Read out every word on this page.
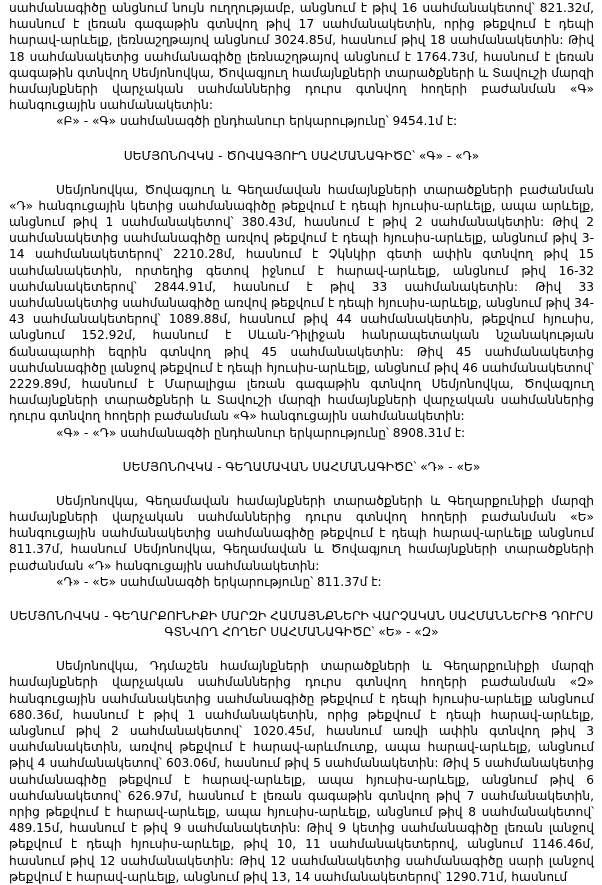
սահմանագիծը անցնում նույն ուղղությամբ, անցնում է թիվ 16 սահմանակետով՝ 821.32մ, հասնում է լեռան գագաթին գտնվող թիվ 17 սահմանակետին, որից թեքվում է դեպի հարավ-արևելք, լեռնաշղթայով անցնում 3024.85մ, հասնում թիվ 18 սահմանակետին: Թիվ 18 սահմանակետից սահմանագիծը լեռնաշղթայով անցնում է 1764.73մ, հասնում է լեռան գագաթին գտնվող Սեմյոնովկա, Ծովագյուղ համայնքների տարածքների և Տավուշի մարզի համայնքների վարչական սահմաններից դուրս գտնվող հողերի բաժանման «Գ» հանգուցային սահմանակետին:

«Բ» - «Գ» սահմանագծի ընդհանուր երկարությունը՝ 9454.1մ է:

ՍԵՄՅՈՆՈՎԿԱ - ԾՈՎԱԳՅՈՒՂ ՍԱՀՄԱՆԱԳԻԾԸ՝ «Գ» - «Դ»

Սեմյոնովկա, Ծովագյուղ և Գեղամավան համայնքների տարածքների բաժանման «Դ» հանգուցային կետից սահմանագիծը թեքվում է դեպի հյուսիս-արևելք, ապա արևելք, անցնում թիվ 1 սահմանակետով՝ 380.43մ, հասնում է թիվ 2 սահմանակետին: Թիվ 2 սահմանակետից սահմանագիծը առվով թեքվում է դեպի հյուսիս-արևելք, անցնում թիվ 3-14 սահմանակետերով՝ 2210.28մ, հասնում է Չկնկիր գետի ափին գտնվող թիվ 15 սահմանակետին, որտեղից գետով իջնում է հարավ-արևելք, անցնում թիվ 16-32 սահմանակետերով՝ 2844.91մ, հասնում է թիվ 33 սահմանակետին: Թիվ 33 սահմանակետից սահմանագիծը առվով թեքվում է դեպի հյուսիս-արևելք, անցնում թիվ 34-43 սահմանակետերով՝ 1089.88մ, հասնում թիվ 44 սահմանակետին, թեքվում հյուսիս, անցնում 152.92մ, հասնում է Սևան-Դիլիջան հանրապետական նշանակության ճանապարհի եզրին գտնվող թիվ 45 սահմանակետին: Թիվ 45 սահմանակետից սահմանագիծը լանջով թեքվում է դեպի հյուսիս-արևելք, անցնում թիվ 46 սահմանակետով՝ 2229.89մ, հասնում է Մարալիցա լեռան գագաթին գտնվող Սեմյոնովկա, Ծովագյուղ համայնքների տարածքների և Տավուշի մարզի համայնքների վարչական սահմաններից դուրս գտնվող հողերի բաժանման «Գ» հանգուցային սահմանակետին:

«Գ» - «Դ» սահմանագծի ընդհանուր երկարությունը՝ 8908.31մ է:

ՍԵՄՅՈՆՈՎԿԱ - ԳԵՂԱՄԱՎԱՆ ՍԱՀՄԱՆԱԳԻԾԸ՝ «Դ» - «Ե»

Սեմյոնովկա, Գեղամավան համայնքների տարածքների և Գեղարքունիքի մարզի համայնքների վարչական սահմաններից դուրս գտնվող հողերի բաժանման «Ե» հանգուցային սահմանակետից սահմանագիծը թեքվում է դեպի հարավ-արևելք անցնում 811.37մ, հասնում Սեմյոնովկա, Գեղամավան և Ծովագյուղ համայնքների տարածքների բաժանման «Դ» հանգուցային սահմանակետին:

«Դ» - «Ե» սահմանագծի երկարությունը՝ 811.37մ է:

ՍԵՄՅՈՆՈՎԿԱ - ԳԵՂԱՐՔՈՒՆԻՔԻ ՄԱՐԶԻ ՀԱՄԱՅՆՔՆԵՐԻ ՎԱՐՉԱԿԱՆ ՍԱՀՄԱՆՆԵՐԻՑ ԴՈՒՐՍ ԳՏՆՎՈՂ ՀՈՂԵՐ ՍԱՀՄԱՆԱԳԻԾԸ՝ «Ե» - «Զ»

Սեմյոնովկա, Դդմաշեն համայնքների տարածքների և Գեղարքունիքի մարզի համայնքների վարչական սահմաններից դուրս գտնվող հողերի բաժանման «Զ» հանգուցային սահմանակետից սահմանագիծը թեքվում է դեպի հյուսիս-արևելք անցնում 680.36մ, հասնում է թիվ 1 սահմանակետին, որից թեքվում է դեպի հարավ-արևելք, անցնում թիվ 2 սահմանակետով՝ 1020.45մ, հասնում առվի ափին գտնվող թիվ 3 սահմանակետին, առվով թեքվում է հարավ-արևմուտք, ապա հարավ-արևելք, անցնում թիվ 4 սահմանակետով՝ 603.06մ, հասնում թիվ 5 սահմանակետին: Թիվ 5 սահմանակետից սահմանագիծը թեքվում է հարավ-արևելք, ապա հյուսիս-արևելք, անցնում թիվ 6 սահմանակետով՝ 626.97մ, հասնում է լեռան գագաթին գտնվող թիվ 7 սահմանակետին, որից թեքվում է հարավ-արևելք, ապա հյուսիս-արևելք, անցնում թիվ 8 սահմանակետով՝ 489.15մ, հասնում է թիվ 9 սահմանակետին: Թիվ 9 կետից սահմանագիծը լեռան լանջով թեքվում է դեպի հյուսիս-արևելք, թիվ 10, 11 սահմանակետերով, անցնում 1146.46մ, հասնում թիվ 12 սահմանակետին: Թիվ 12 սահմանակետից սահմանագիծը սարի լանջով թեքվում է հարավ-արևելք, անցնում թիվ 13, 14 սահմանակետերով՝ 1290.71մ, հասնում
